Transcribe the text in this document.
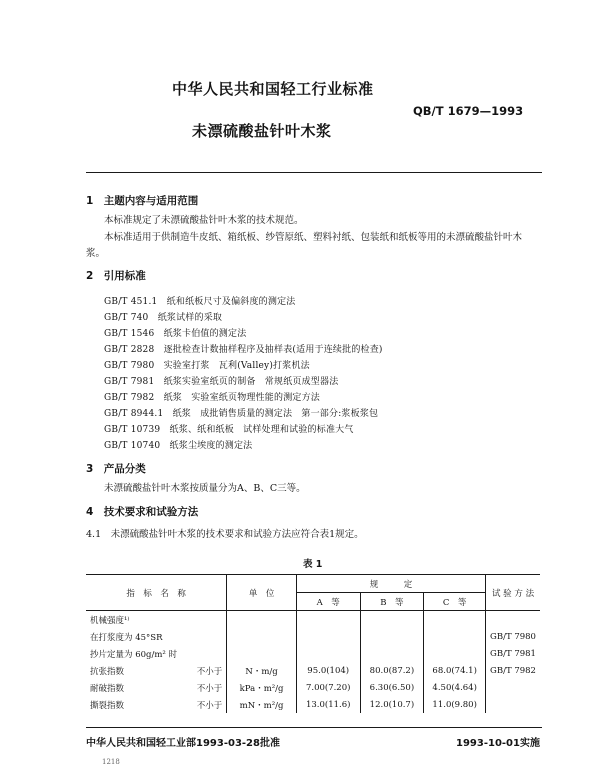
中华人民共和国轻工行业标准
QB/T 1679—1993
未漂硫酸盐针叶木浆
1　主题内容与适用范围
本标准规定了未漂硫酸盐针叶木浆的技术规范。
本标准适用于供制造牛皮纸、箱纸板、纱管原纸、塑料衬纸、包装纸和纸板等用的未漂硫酸盐针叶木
浆。
2　引用标准
GB/T 451.1　 纸和纸板尺寸及偏斜度的测定法
GB/T 740　 纸浆试样的采取
GB/T 1546　 纸浆卡伯值的测定法
GB/T 2828　 逐批检查计数抽样程序及抽样表(适用于连续批的检查)
GB/T 7980　 实验室打浆　瓦利(Valley)打浆机法
GB/T 7981　 纸浆实验室纸页的制备　常规纸页成型器法
GB/T 7982　 纸浆　实验室纸页物理性能的测定方法
GB/T 8944.1　 纸浆　成批销售质量的测定法　第一部分:浆板浆包
GB/T 10739　 纸浆、纸和纸板　试样处理和试验的标准大气
GB/T 10740　 纸浆尘埃度的测定法
3　产品分类
未漂硫酸盐针叶木浆按质量分为A、B、C三等。
4　技术要求和试验方法
4.1　未漂硫酸盐针叶木浆的技术要求和试验方法应符合表1规定。
表 1
指　标　名　称	单　位	规　　　定			试 验 方 法
		A　等	B　等	C　等	
机械强度¹⁾					
在打浆度为 45°SR					GB/T 7980
抄片定量为 60g/m² 时					GB/T 7981
抗张指数 不小于	N・m/g	95.0(104)	80.0(87.2)	68.0(74.1)	GB/T 7982
耐破指数 不小于	kPa・m²/g	7.00(7.20)	6.30(6.50)	4.50(4.64)	
撕裂指数 不小于	mN・m²/g	13.0(11.6)	12.0(10.7)	11.0(9.80)	
中华人民共和国轻工业部1993-03-28批准	1993-10-01实施
1218
